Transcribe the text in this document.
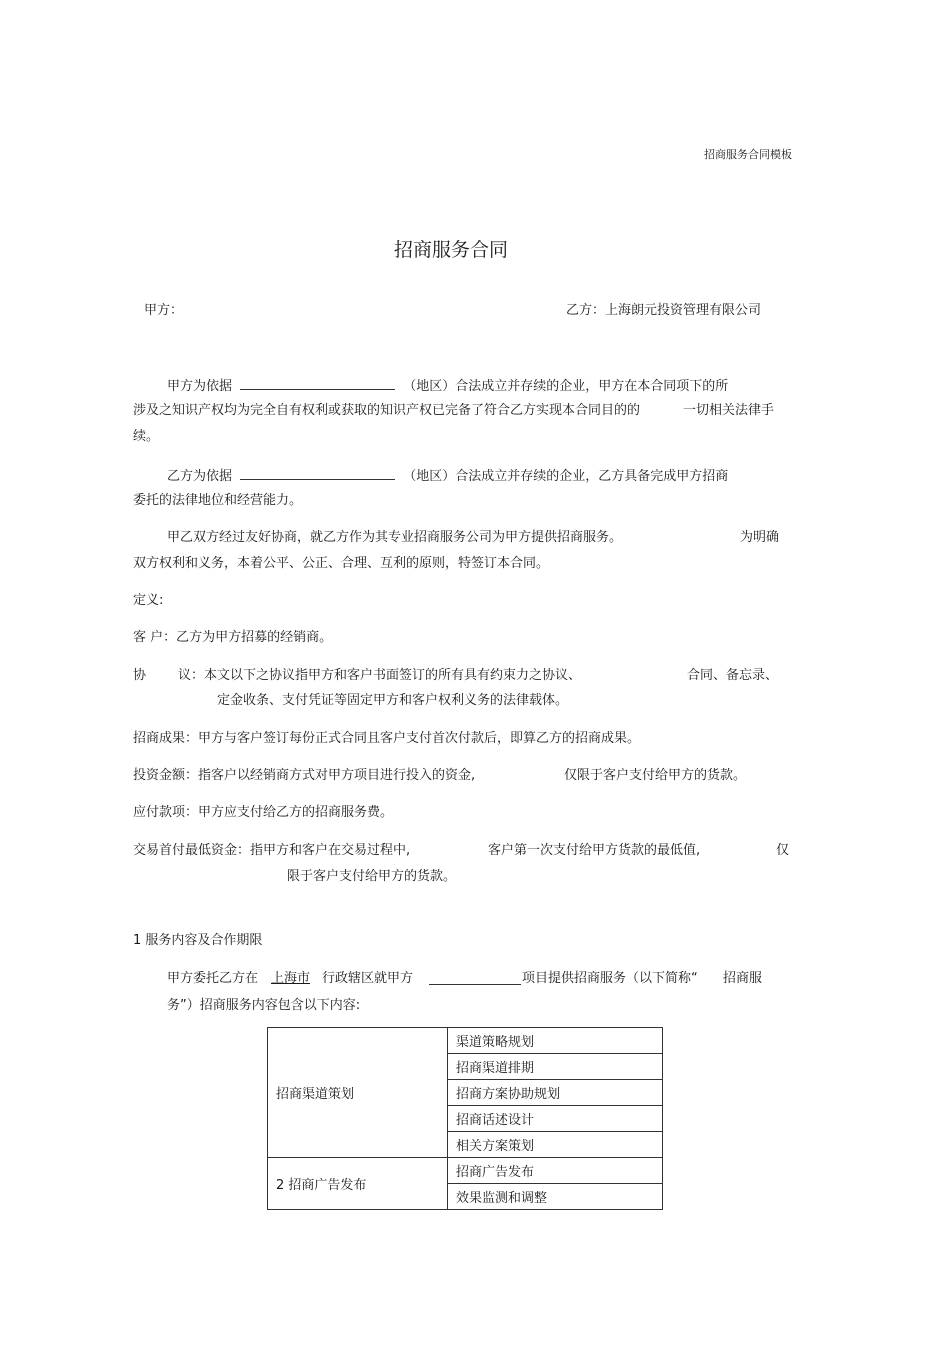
招商服务合同模板
招商服务合同
甲方：	乙方：上海朗元投资管理有限公司
甲方为依据	（地区）合法成立并存续的企业，甲方在本合同项下的所
涉及之知识产权均为完全自有权利或获取的知识产权已完备了符合乙方实现本合同目的的	一切相关法律手
续。
乙方为依据	（地区）合法成立并存续的企业，乙方具备完成甲方招商
委托的法律地位和经营能力。
甲乙双方经过友好协商，就乙方作为其专业招商服务公司为甲方提供招商服务。	为明确
双方权利和义务，本着公平、公正、合理、互利的原则，特签订本合同。
定义:
客 户：乙方为甲方招募的经销商。
协 议：本文以下之协议指甲方和客户书面签订的所有具有约束力之协议、	合同、备忘录、
定金收条、支付凭证等固定甲方和客户权利义务的法律载体。
招商成果：甲方与客户签订每份正式合同且客户支付首次付款后，即算乙方的招商成果。
投资金额：指客户以经销商方式对甲方项目进行投入的资金,	仅限于客户支付给甲方的货款。
应付款项：甲方应支付给乙方的招商服务费。
交易首付最低资金：指甲方和客户在交易过程中,	客户第一次支付给甲方货款的最低值,	仅
限于客户支付给甲方的货款。
1 服务内容及合作期限
甲方委托乙方在 上海市 行政辖区就甲方	项目提供招商服务（以下简称“ 招商服
务”）招商服务内容包含以下内容:
招商渠道策划	渠道策略规划
	招商渠道排期
	招商方案协助规划
	招商话述设计
	相关方案策划
2 招商广告发布	招商广告发布
	效果监测和调整
